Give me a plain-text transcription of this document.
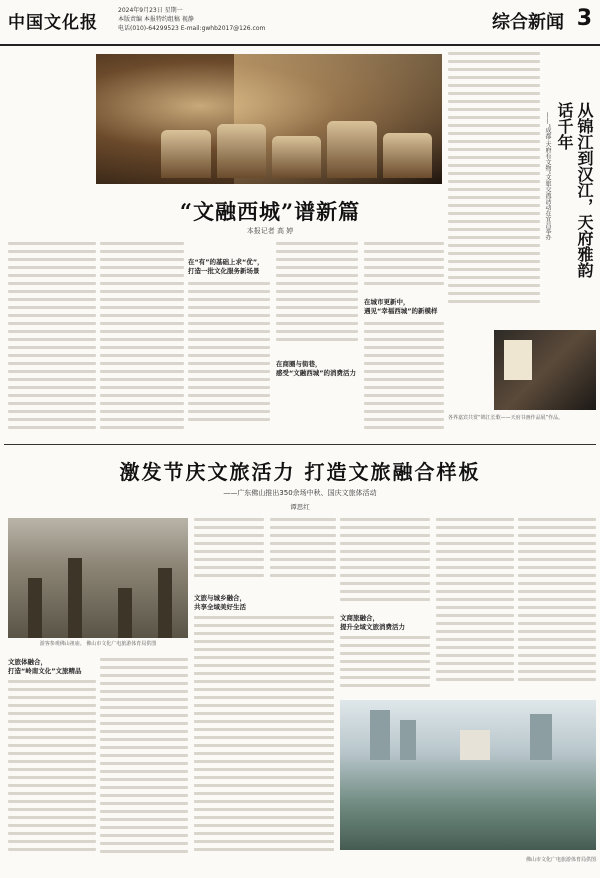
中国文化报
2024年9月23日 星期一
本版责编 本报特约组稿 视静
电话(010)-64299523 E-mail:gwhb2017@126.com	综合新闻 3
“文融西城”谱新篇
本报记者 高 婷
在“有”的基础上求“优”，
打造一批文化服务新场景
在商圈与街巷，
感受“文融西城”的消费活力
在城市更新中，
遇见“幸福西城”的新模样
——“成都·天府有文物”文旅交流活动在宜昌举办	从锦江到汉江，天府雅韵话千年
各界嘉宾共赏“锦江长歌——天府书画作品展”作品。
激发节庆文旅活力 打造文旅融合样板
——广东佛山推出350余场中秋、国庆文旅体活动
谭思红
游客参观佛山祖庙。 佛山市文化广电旅游体育局供图
文旅体融合，
打造“岭南文化”文旅精品
文旅与城乡融合，
共享全域美好生活
文商旅融合，
提升全域文旅消费活力
佛山市文化广电旅游体育局供图
